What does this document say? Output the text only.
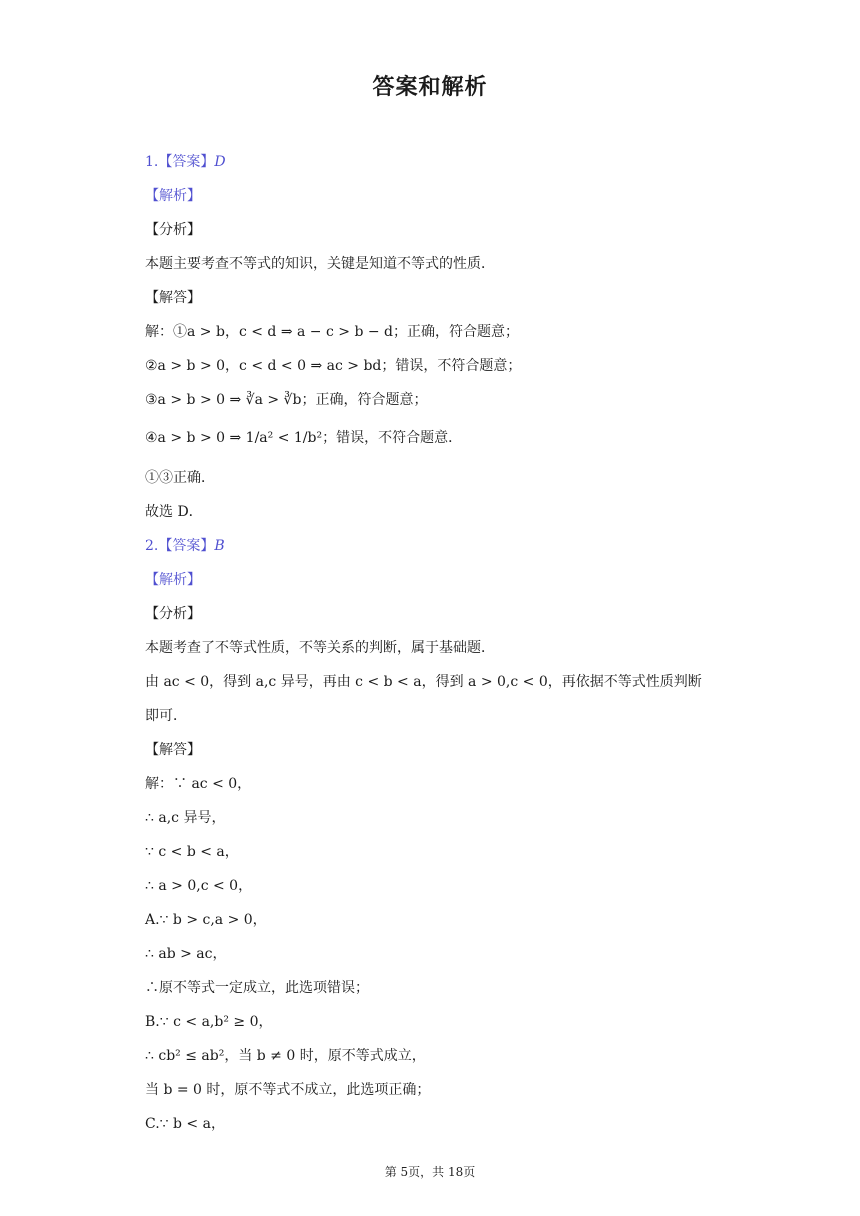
答案和解析
1.【答案】D
【解析】
【分析】
本题主要考查不等式的知识，关键是知道不等式的性质．
【解答】
解：①a > b，c < d ⇒ a − c > b − d；正确，符合题意；
②a > b > 0，c < d < 0 ⇒ ac > bd；错误，不符合题意；
③a > b > 0 ⇒ ∛a > ∛b；正确，符合题意；
④a > b > 0 ⇒ 1/a² < 1/b²；错误，不符合题意．
①③正确．
故选 D．
2.【答案】B
【解析】
【分析】
本题考查了不等式性质，不等关系的判断，属于基础题．
由 ac < 0，得到 a,c 异号，再由 c < b < a，得到 a > 0,c < 0，再依据不等式性质判断
即可．
【解答】
解：∵ ac < 0，
∴ a,c 异号，
∵ c < b < a，
∴ a > 0,c < 0，
A.∵ b > c,a > 0，
∴ ab > ac，
∴原不等式一定成立，此选项错误；
B.∵ c < a,b² ≥ 0，
∴ cb² ≤ ab²，当 b ≠ 0 时，原不等式成立，
当 b = 0 时，原不等式不成立，此选项正确；
C.∵ b < a，
第 5页，共 18页
